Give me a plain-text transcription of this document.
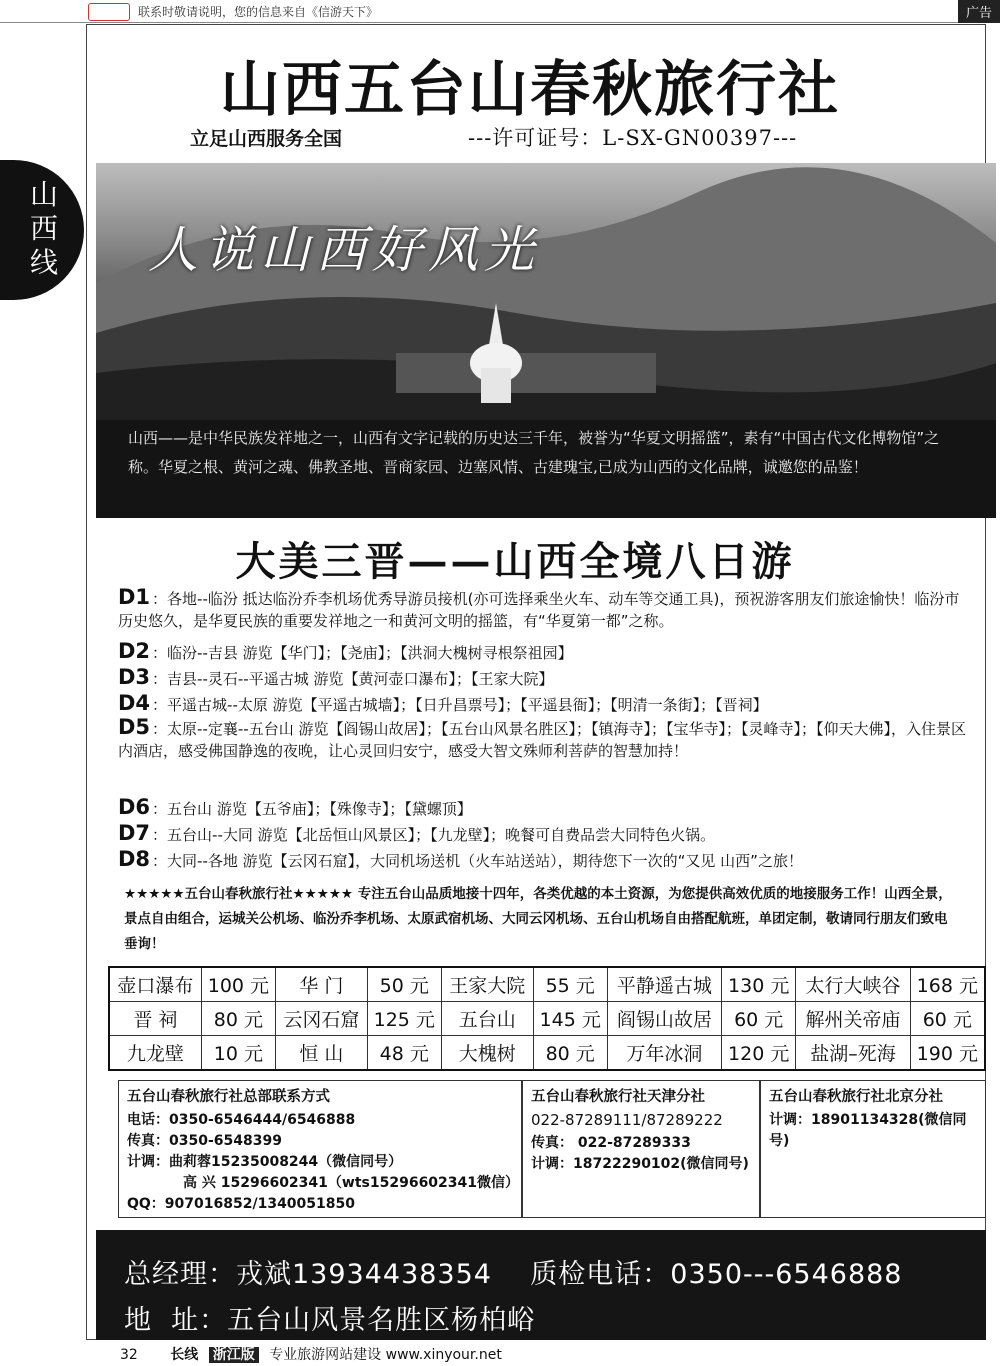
联系时敬请说明，您的信息来自《信游天下》	广告
山西线
山西五台山春秋旅行社
立足山西服务全国	---许可证号：L-SX-GN00397---
人说山西好风光
山西——是中华民族发祥地之一，山西有文字记载的历史达三千年，被誉为“华夏文明摇篮”，素有“中国古代文化博物馆”之称。华夏之根、黄河之魂、佛教圣地、晋商家园、边塞风情、古建瑰宝,已成为山西的文化品牌，诚邀您的品鉴！
大美三晋——山西全境八日游
D1 ：各地--临汾 抵达临汾乔李机场优秀导游员接机(亦可选择乘坐火车、动车等交通工具)，预祝游客朋友们旅途愉快！临汾市历史悠久，是华夏民族的重要发祥地之一和黄河文明的摇篮，有“华夏第一都”之称。
D2 ：临汾--吉县 游览【华门】；【尧庙】；【洪洞大槐树寻根祭祖园】
D3 ：吉县--灵石--平遥古城 游览【黄河壶口瀑布】；【王家大院】
D4 ：平遥古城--太原 游览【平遥古城墙】；【日升昌票号】；【平遥县衙】；【明清一条街】；【晋祠】
D5 ：太原--定襄--五台山 游览【阎锡山故居】；【五台山风景名胜区】；【镇海寺】；【宝华寺】；【灵峰寺】；【仰天大佛】，入住景区内酒店，感受佛国静逸的夜晚，让心灵回归安宁，感受大智文殊师利菩萨的智慧加持！
D6 ：五台山 游览【五爷庙】；【殊像寺】；【黛螺顶】
D7 ：五台山--大同 游览【北岳恒山风景区】；【九龙壁】；晚餐可自费品尝大同特色火锅。
D8 ：大同--各地 游览【云冈石窟】，大同机场送机（火车站送站），期待您下一次的“又见 山西”之旅！
★★★★★五台山春秋旅行社★★★★★ 专注五台山品质地接十四年，各类优越的本土资源，为您提供高效优质的地接服务工作！山西全景，景点自由组合，运城关公机场、临汾乔李机场、太原武宿机场、大同云冈机场、五台山机场自由搭配航班，单团定制，敬请同行朋友们致电垂询！
壶口瀑布	100 元	华 门	50 元	王家大院	55 元	平静遥古城	130 元	太行大峡谷	168 元
晋 祠	80 元	云冈石窟	125 元	五台山	145 元	阎锡山故居	60 元	解州关帝庙	60 元
九龙壁	10 元	恒 山	48 元	大槐树	80 元	万年冰洞	120 元	盐湖–死海	190 元
五台山春秋旅行社总部联系方式
电话：0350-6546444/6546888
传真：0350-6548399
计调：曲莉蓉15235008244（微信同号）
高 兴 15296602341（wts15296602341微信）
QQ：907016852/1340051850
五台山春秋旅行社天津分社
022-87289111/87289222
传真： 022-87289333
计调：18722290102(微信同号)
五台山春秋旅行社北京分社
计调：18901134328(微信同号)
总经理：戎斌13934438354    质检电话：0350---6546888
地  址：五台山风景名胜区杨柏峪
32 长线 浙江版 专业旅游网站建设 www.xinyour.net
